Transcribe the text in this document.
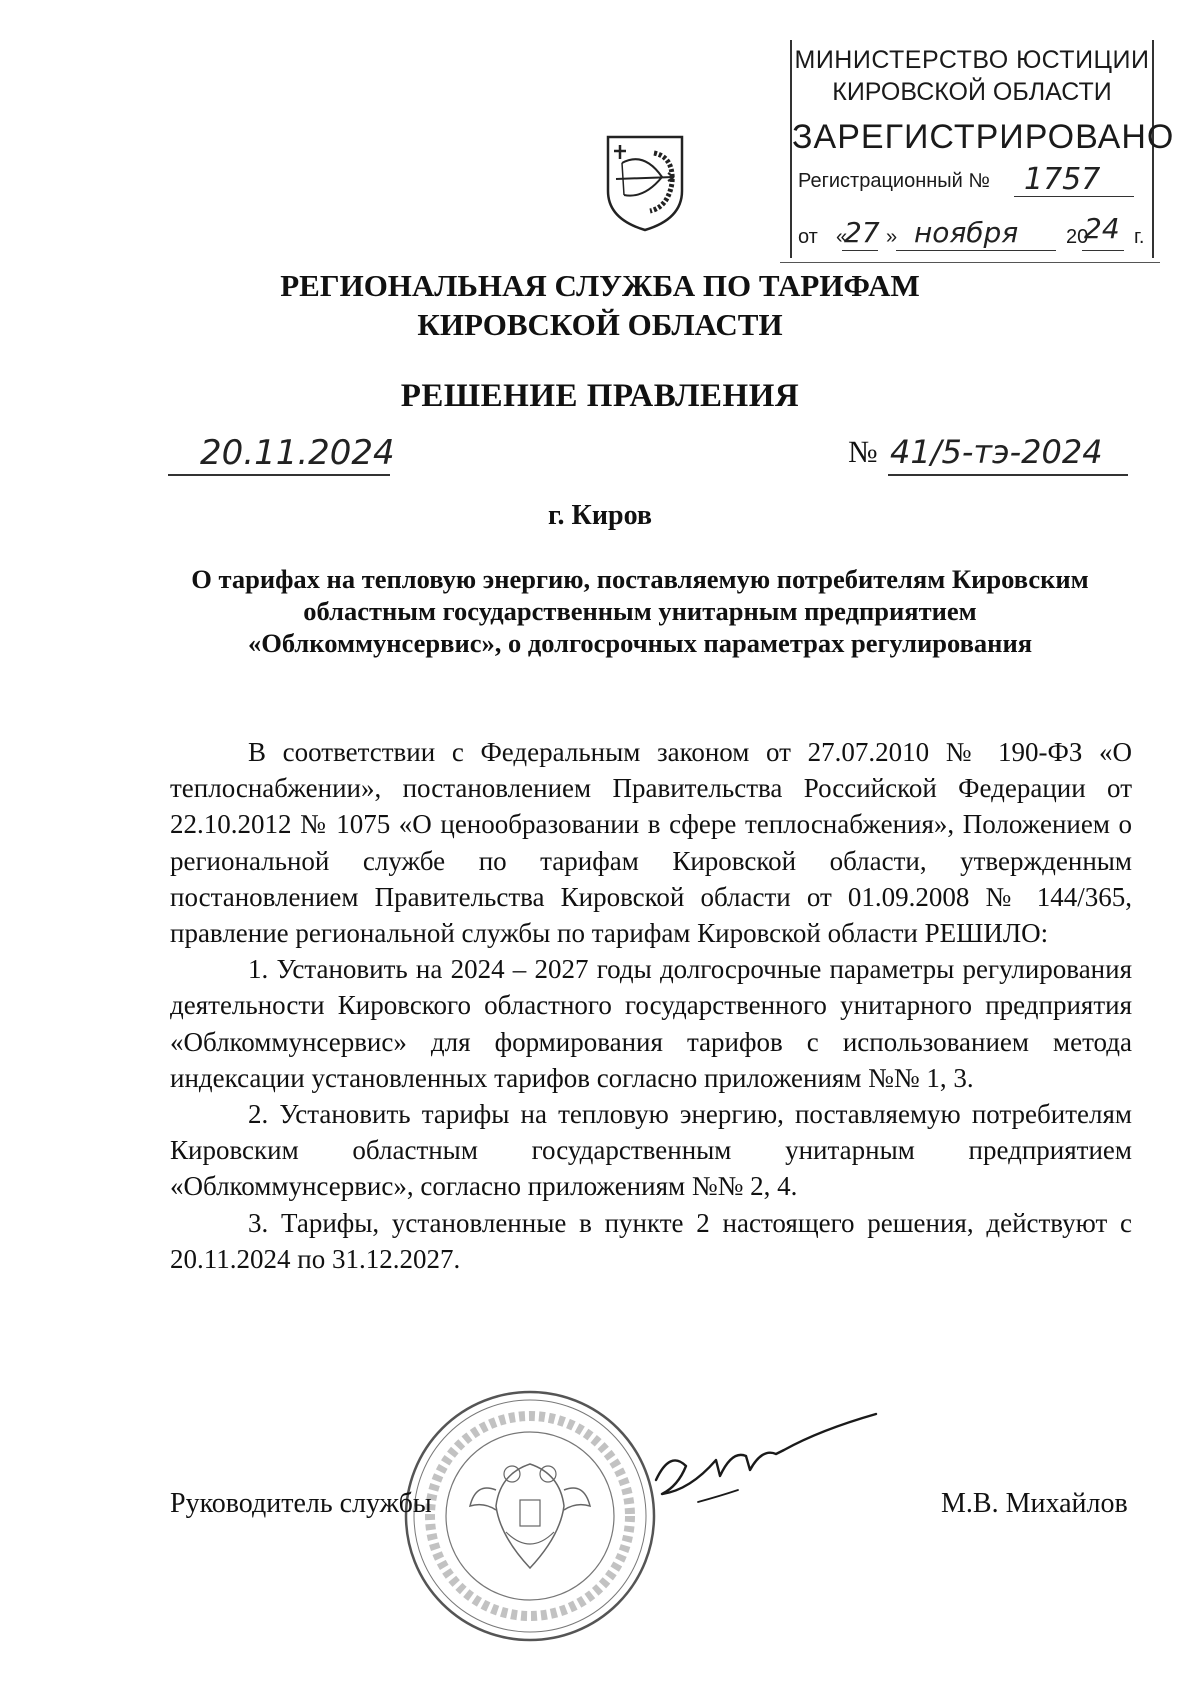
МИНИСТЕРСТВО ЮСТИЦИИ
КИРОВСКОЙ ОБЛАСТИ
ЗАРЕГИСТРИРОВАНО
Регистрационный № 1757
от « »	20 г.
27 ноября 24
РЕГИОНАЛЬНАЯ СЛУЖБА ПО ТАРИФАМ
КИРОВСКОЙ ОБЛАСТИ
РЕШЕНИЕ ПРАВЛЕНИЯ
20.11.2024	№ 41/5-тэ-2024
г. Киров
О тарифах на тепловую энергию, поставляемую потребителям Кировским областным государственным унитарным предприятием «Облкоммунсервис», о долгосрочных параметрах регулирования

В соответствии с Федеральным законом от 27.07.2010 № 190-ФЗ «О теплоснабжении», постановлением Правительства Российской Федерации от 22.10.2012 № 1075 «О ценообразовании в сфере теплоснабжения», Положением о региональной службе по тарифам Кировской области, утвержденным постановлением Правительства Кировской области от 01.09.2008 № 144/365, правление региональной службы по тарифам Кировской области РЕШИЛО:

1. Установить на 2024 – 2027 годы долгосрочные параметры регулирования деятельности Кировского областного государственного унитарного предприятия «Облкоммунсервис» для формирования тарифов с использованием метода индексации установленных тарифов согласно приложениям №№ 1, 3.

2. Установить тарифы на тепловую энергию, поставляемую потребителям Кировским областным государственным унитарным предприятием «Облкоммунсервис», согласно приложениям №№ 2, 4.

3. Тарифы, установленные в пункте 2 настоящего решения, действуют с 20.11.2024 по 31.12.2027.

Руководитель службы	М.В. Михайлов
